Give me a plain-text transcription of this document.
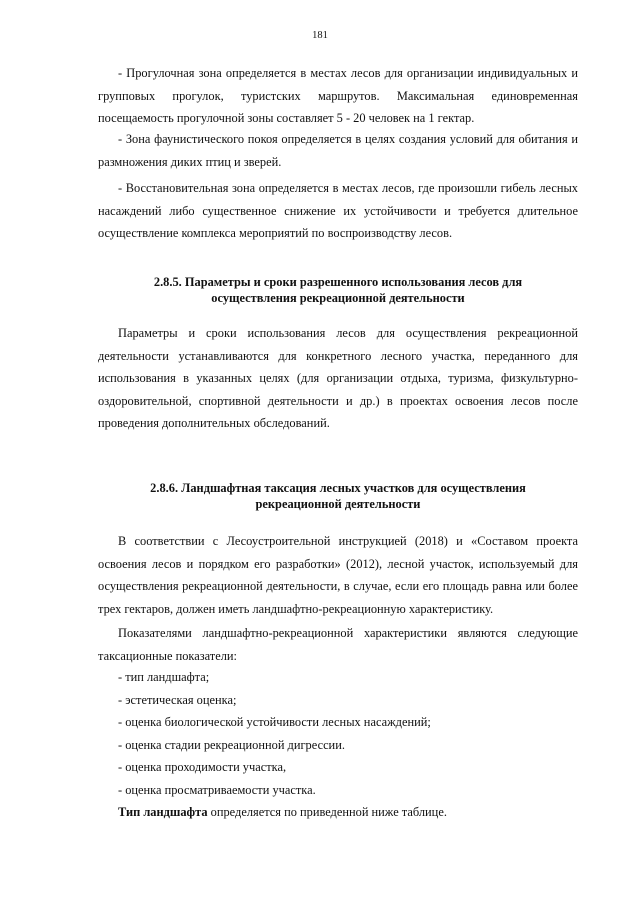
181
- Прогулочная зона определяется в местах лесов для организации индивидуальных и групповых прогулок, туристских маршрутов. Максимальная единовременная посещаемость прогулочной зоны составляет 5 - 20 человек на 1 гектар.
- Зона фаунистического покоя определяется в целях создания условий для обитания и размножения диких птиц и зверей.
- Восстановительная зона определяется в местах лесов, где произошли гибель лесных насаждений либо существенное снижение их устойчивости и требуется длительное осуществление комплекса мероприятий по воспроизводству лесов.
2.8.5. Параметры и сроки разрешенного использования лесов для
осуществления рекреационной деятельности
Параметры и сроки использования лесов для осуществления рекреационной деятельности устанавливаются для конкретного лесного участка, переданного для использования в указанных целях (для организации отдыха, туризма, физкультурно-оздоровительной, спортивной деятельности и др.) в проектах освоения лесов после проведения дополнительных обследований.
2.8.6. Ландшафтная таксация лесных участков для осуществления
рекреационной деятельности
В соответствии с Лесоустроительной инструкцией (2018) и «Составом проекта освоения лесов и порядком его разработки» (2012), лесной участок, используемый для осуществления рекреационной деятельности, в случае, если его площадь равна или более трех гектаров, должен иметь ландшафтно-рекреационную характеристику.
Показателями ландшафтно-рекреационной характеристики являются следующие таксационные показатели:
- тип ландшафта;
- эстетическая оценка;
- оценка биологической устойчивости лесных насаждений;
- оценка стадии рекреационной дигрессии.
- оценка проходимости участка,
- оценка просматриваемости участка.
Тип ландшафта определяется по приведенной ниже таблице.
